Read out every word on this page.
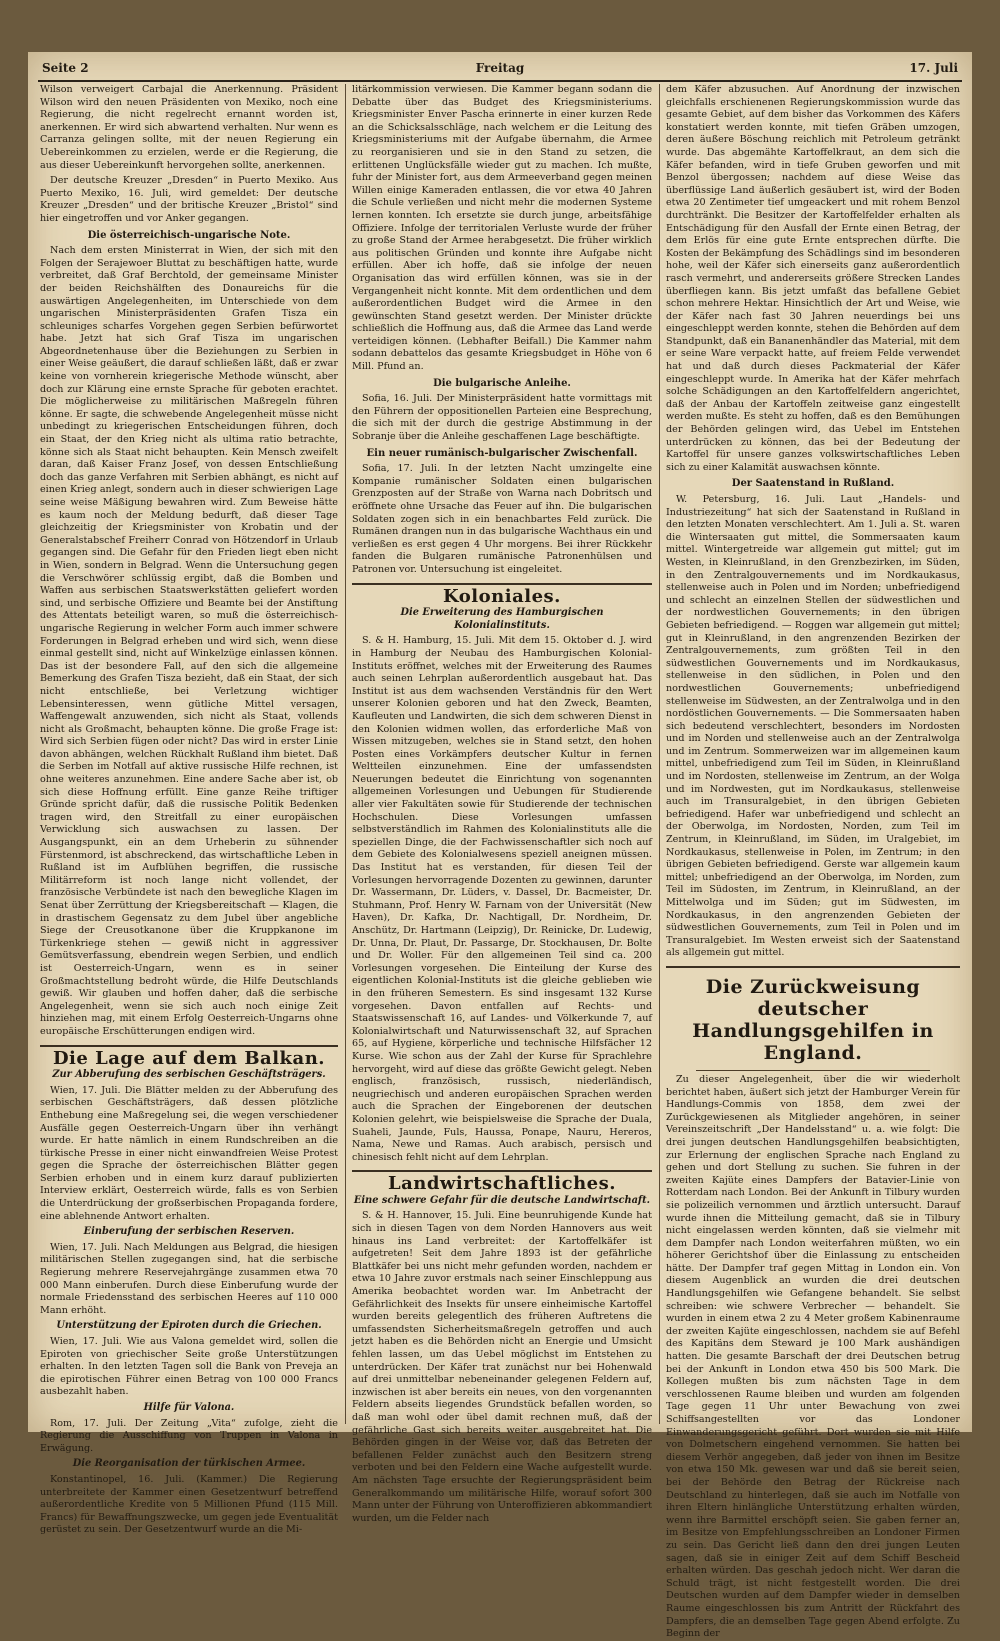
Seite 2	Freitag	17. Juli

Wilson verweigert Carbajal die Anerkennung. Präsident Wilson wird den neuen Präsidenten von Mexiko, noch eine Regierung, die nicht regelrecht ernannt worden ist, anerkennen. Er wird sich abwartend verhalten. Nur wenn es Carranza gelingen sollte, mit der neuen Regierung ein Uebereinkommen zu erzielen, werde er die Regierung, die aus dieser Uebereinkunft hervorgehen sollte, anerkennen.

Der deutsche Kreuzer „Dresden“ in Puerto Mexiko. Aus Puerto Mexiko, 16. Juli, wird gemeldet: Der deutsche Kreuzer „Dresden“ und der britische Kreuzer „Bristol“ sind hier eingetroffen und vor Anker gegangen.

Die österreichisch-ungarische Note.

Nach dem ersten Ministerrat in Wien, der sich mit den Folgen der Serajewoer Bluttat zu beschäftigen hatte, wurde verbreitet, daß Graf Berchtold, der gemeinsame Minister der beiden Reichshälften des Donaureichs für die auswärtigen Angelegenheiten, im Unterschiede von dem ungarischen Ministerpräsidenten Grafen Tisza ein schleuniges scharfes Vorgehen gegen Serbien befürwortet habe. Jetzt hat sich Graf Tisza im ungarischen Abgeordnetenhause über die Beziehungen zu Serbien in einer Weise geäußert, die darauf schließen läßt, daß er zwar keine von vornherein kriegerische Methode wünscht, aber doch zur Klärung eine ernste Sprache für geboten erachtet. Die möglicherweise zu militärischen Maßregeln führen könne. Er sagte, die schwebende Angelegenheit müsse nicht unbedingt zu kriegerischen Entscheidungen führen, doch ein Staat, der den Krieg nicht als ultima ratio betrachte, könne sich als Staat nicht behaupten. Kein Mensch zweifelt daran, daß Kaiser Franz Josef, von dessen Entschließung doch das ganze Verfahren mit Serbien abhängt, es nicht auf einen Krieg anlegt, sondern auch in dieser schwierigen Lage seine weise Mäßigung bewahren wird. Zum Beweise hätte es kaum noch der Meldung bedurft, daß dieser Tage gleichzeitig der Kriegsminister von Krobatin und der Generalstabschef Freiherr Conrad von Hötzendorf in Urlaub gegangen sind. Die Gefahr für den Frieden liegt eben nicht in Wien, sondern in Belgrad. Wenn die Untersuchung gegen die Verschwörer schlüssig ergibt, daß die Bomben und Waffen aus serbischen Staatswerkstätten geliefert worden sind, und serbische Offiziere und Beamte bei der Anstiftung des Attentats beteiligt waren, so muß die österreichisch-ungarische Regierung in welcher Form auch immer schwere Forderungen in Belgrad erheben und wird sich, wenn diese einmal gestellt sind, nicht auf Winkelzüge einlassen können. Das ist der besondere Fall, auf den sich die allgemeine Bemerkung des Grafen Tisza bezieht, daß ein Staat, der sich nicht entschließe, bei Verletzung wichtiger Lebensinteressen, wenn gütliche Mittel versagen, Waffengewalt anzuwenden, sich nicht als Staat, vollends nicht als Großmacht, behaupten könne. Die große Frage ist: Wird sich Serbien fügen oder nicht? Das wird in erster Linie davon abhängen, welchen Rückhalt Rußland ihm bietet. Daß die Serben im Notfall auf aktive russische Hilfe rechnen, ist ohne weiteres anzunehmen. Eine andere Sache aber ist, ob sich diese Hoffnung erfüllt. Eine ganze Reihe triftiger Gründe spricht dafür, daß die russische Politik Bedenken tragen wird, den Streitfall zu einer europäischen Verwicklung sich auswachsen zu lassen. Der Ausgangspunkt, ein an dem Urheberin zu sühnender Fürstenmord, ist abschreckend, das wirtschaftliche Leben in Rußland ist im Aufblühen begriffen, die russische Militärreform ist noch lange nicht vollendet, der französische Verbündete ist nach den bewegliche Klagen im Senat über Zerrüttung der Kriegsbereitschaft — Klagen, die in drastischem Gegensatz zu dem Jubel über angebliche Siege der Creusotkanone über die Kruppkanone im Türkenkriege stehen — gewiß nicht in aggressiver Gemütsverfassung, ebendrein wegen Serbien, und endlich ist Oesterreich-Ungarn, wenn es in seiner Großmachtstellung bedroht würde, die Hilfe Deutschlands gewiß. Wir glauben und hoffen daher, daß die serbische Angelegenheit, wenn sie sich auch noch einige Zeit hinziehen mag, mit einem Erfolg Oesterreich-Ungarns ohne europäische Erschütterungen endigen wird.

Die Lage auf dem Balkan.
Zur Abberufung des serbischen Geschäftsträgers.

Wien, 17. Juli. Die Blätter melden zu der Abberufung des serbischen Geschäftsträgers, daß dessen plötzliche Enthebung eine Maßregelung sei, die wegen verschiedener Ausfälle gegen Oesterreich-Ungarn über ihn verhängt wurde. Er hatte nämlich in einem Rundschreiben an die türkische Presse in einer nicht einwandfreien Weise Protest gegen die Sprache der österreichischen Blätter gegen Serbien erhoben und in einem kurz darauf publizierten Interview erklärt, Oesterreich würde, falls es von Serbien die Unterdrückung der großserbischen Propaganda fordere, eine ablehnende Antwort erhalten.

Einberufung der serbischen Reserven.

Wien, 17. Juli. Nach Meldungen aus Belgrad, die hiesigen militärischen Stellen zugegangen sind, hat die serbische Regierung mehrere Reservejahrgänge zusammen etwa 70 000 Mann einberufen. Durch diese Einberufung wurde der normale Friedensstand des serbischen Heeres auf 110 000 Mann erhöht.

Unterstützung der Epiroten durch die Griechen.

Wien, 17. Juli. Wie aus Valona gemeldet wird, sollen die Epiroten von griechischer Seite große Unterstützungen erhalten. In den letzten Tagen soll die Bank von Preveja an die epirotischen Führer einen Betrag von 100 000 Francs ausbezahlt haben.

Hilfe für Valona.

Rom, 17. Juli. Der Zeitung „Vita“ zufolge, zieht die Regierung die Ausschiffung von Truppen in Valona in Erwägung.

Die Reorganisation der türkischen Armee.

Konstantinopel, 16. Juli. (Kammer.) Die Regierung unterbreitete der Kammer einen Gesetzentwurf betreffend außerordentliche Kredite von 5 Millionen Pfund (115 Mill. Francs) für Bewaffnungszwecke, um gegen jede Eventualität gerüstet zu sein. Der Gesetzentwurf wurde an die Mi-

litärkommission verwiesen. Die Kammer begann sodann die Debatte über das Budget des Kriegsministeriums. Kriegsminister Enver Pascha erinnerte in einer kurzen Rede an die Schicksalsschläge, nach welchem er die Leitung des Kriegsministeriums mit der Aufgabe übernahm, die Armee zu reorganisieren und sie in den Stand zu setzen, die erlittenen Unglücksfälle wieder gut zu machen. Ich mußte, fuhr der Minister fort, aus dem Armeeverband gegen meinen Willen einige Kameraden entlassen, die vor etwa 40 Jahren die Schule verließen und nicht mehr die modernen Systeme lernen konnten. Ich ersetzte sie durch junge, arbeitsfähige Offiziere. Infolge der territorialen Verluste wurde der früher zu große Stand der Armee herabgesetzt. Die früher wirklich aus politischen Gründen und konnte ihre Aufgabe nicht erfüllen. Aber ich hoffe, daß sie infolge der neuen Organisation das wird erfüllen können, was sie in der Vergangenheit nicht konnte. Mit dem ordentlichen und dem außerordentlichen Budget wird die Armee in den gewünschten Stand gesetzt werden. Der Minister drückte schließlich die Hoffnung aus, daß die Armee das Land werde verteidigen können. (Lebhafter Beifall.) Die Kammer nahm sodann debattelos das gesamte Kriegsbudget in Höhe von 6 Mill. Pfund an.

Die bulgarische Anleihe.

Sofia, 16. Juli. Der Ministerpräsident hatte vormittags mit den Führern der oppositionellen Parteien eine Besprechung, die sich mit der durch die gestrige Abstimmung in der Sobranje über die Anleihe geschaffenen Lage beschäftigte.

Ein neuer rumänisch-bulgarischer Zwischenfall.

Sofia, 17. Juli. In der letzten Nacht umzingelte eine Kompanie rumänischer Soldaten einen bulgarischen Grenzposten auf der Straße von Warna nach Dobritsch und eröffnete ohne Ursache das Feuer auf ihn. Die bulgarischen Soldaten zogen sich in ein benachbartes Feld zurück. Die Rumänen drangen nun in das bulgarische Wachthaus ein und verließen es erst gegen 4 Uhr morgens. Bei ihrer Rückkehr fanden die Bulgaren rumänische Patronenhülsen und Patronen vor. Untersuchung ist eingeleitet.

Koloniales.
Die Erweiterung des Hamburgischen Kolonialinstituts.

S. & H. Hamburg, 15. Juli. Mit dem 15. Oktober d. J. wird in Hamburg der Neubau des Hamburgischen Kolonial-Instituts eröffnet, welches mit der Erweiterung des Raumes auch seinen Lehrplan außerordentlich ausgebaut hat. Das Institut ist aus dem wachsenden Verständnis für den Wert unserer Kolonien geboren und hat den Zweck, Beamten, Kaufleuten und Landwirten, die sich dem schweren Dienst in den Kolonien widmen wollen, das erforderliche Maß von Wissen mitzugeben, welches sie in Stand setzt, den hohen Posten eines Vorkämpfers deutscher Kultur in fernen Weltteilen einzunehmen. Eine der umfassendsten Neuerungen bedeutet die Einrichtung von sogenannten allgemeinen Vorlesungen und Uebungen für Studierende aller vier Fakultäten sowie für Studierende der technischen Hochschulen. Diese Vorlesungen umfassen selbstverständlich im Rahmen des Kolonialinstituts alle die speziellen Dinge, die der Fachwissenschaftler sich noch auf dem Gebiete des Kolonialwesens speziell aneignen müssen. Das Institut hat es verstanden, für diesen Teil der Vorlesungen hervorragende Dozenten zu gewinnen, darunter Dr. Wassermann, Dr. Lüders, v. Dassel, Dr. Bacmeister, Dr. Stuhmann, Prof. Henry W. Farnam von der Universität (New Haven), Dr. Kafka, Dr. Nachtigall, Dr. Nordheim, Dr. Anschütz, Dr. Hartmann (Leipzig), Dr. Reinicke, Dr. Ludewig, Dr. Unna, Dr. Plaut, Dr. Passarge, Dr. Stockhausen, Dr. Bolte und Dr. Woller. Für den allgemeinen Teil sind ca. 200 Vorlesungen vorgesehen. Die Einteilung der Kurse des eigentlichen Kolonial-Instituts ist die gleiche geblieben wie in den früheren Semestern. Es sind insgesamt 132 Kurse vorgesehen. Davon entfallen auf Rechts- und Staatswissenschaft 16, auf Landes- und Völkerkunde 7, auf Kolonialwirtschaft und Naturwissenschaft 32, auf Sprachen 65, auf Hygiene, körperliche und technische Hilfsfächer 12 Kurse. Wie schon aus der Zahl der Kurse für Sprachlehre hervorgeht, wird auf diese das größte Gewicht gelegt. Neben englisch, französisch, russisch, niederländisch, neugriechisch und anderen europäischen Sprachen werden auch die Sprachen der Eingeborenen der deutschen Kolonien gelehrt, wie beispielsweise die Sprache der Duala, Suaheli, Jaunde, Fuls, Haussa, Ponape, Nauru, Hereros, Nama, Newe und Ramas. Auch arabisch, persisch und chinesisch fehlt nicht auf dem Lehrplan.

Landwirtschaftliches.
Eine schwere Gefahr für die deutsche Landwirtschaft.

S. & H. Hannover, 15. Juli. Eine beunruhigende Kunde hat sich in diesen Tagen von dem Norden Hannovers aus weit hinaus ins Land verbreitet: der Kartoffelkäfer ist aufgetreten! Seit dem Jahre 1893 ist der gefährliche Blattkäfer bei uns nicht mehr gefunden worden, nachdem er etwa 10 Jahre zuvor erstmals nach seiner Einschleppung aus Amerika beobachtet worden war. Im Anbetracht der Gefährlichkeit des Insekts für unsere einheimische Kartoffel wurden bereits gelegentlich des früheren Auftretens die umfassendsten Sicherheitsmaßregeln getroffen und auch jetzt haben es die Behörden nicht an Energie und Umsicht fehlen lassen, um das Uebel möglichst im Entstehen zu unterdrücken. Der Käfer trat zunächst nur bei Hohenwald auf drei unmittelbar nebeneinander gelegenen Feldern auf, inzwischen ist aber bereits ein neues, von den vorgenannten Feldern abseits liegendes Grundstück befallen worden, so daß man wohl oder übel damit rechnen muß, daß der gefährliche Gast sich bereits weiter ausgebreitet hat. Die Behörden gingen in der Weise vor, daß das Betreten der befallenen Felder zunächst auch den Besitzern streng verboten und bei den Feldern eine Wache aufgestellt wurde. Am nächsten Tage ersuchte der Regierungspräsident beim Generalkommando um militärische Hilfe, worauf sofort 300 Mann unter der Führung von Unteroffizieren abkommandiert wurden, um die Felder nach

dem Käfer abzusuchen. Auf Anordnung der inzwischen gleichfalls erschienenen Regierungskommission wurde das gesamte Gebiet, auf dem bisher das Vorkommen des Käfers konstatiert werden konnte, mit tiefen Gräben umzogen, deren äußere Böschung reichlich mit Petroleum getränkt wurde. Das abgemähte Kartoffelkraut, an dem sich die Käfer befanden, wird in tiefe Gruben geworfen und mit Benzol übergossen; nachdem auf diese Weise das überflüssige Land äußerlich gesäubert ist, wird der Boden etwa 20 Zentimeter tief umgeackert und mit rohem Benzol durchtränkt. Die Besitzer der Kartoffelfelder erhalten als Entschädigung für den Ausfall der Ernte einen Betrag, der dem Erlös für eine gute Ernte entsprechen dürfte. Die Kosten der Bekämpfung des Schädlings sind im besonderen hohe, weil der Käfer sich einerseits ganz außerordentlich rasch vermehrt, und andererseits größere Strecken Landes überfliegen kann. Bis jetzt umfaßt das befallene Gebiet schon mehrere Hektar. Hinsichtlich der Art und Weise, wie der Käfer nach fast 30 Jahren neuerdings bei uns eingeschleppt werden konnte, stehen die Behörden auf dem Standpunkt, daß ein Bananenhändler das Material, mit dem er seine Ware verpackt hatte, auf freiem Felde verwendet hat und daß durch dieses Packmaterial der Käfer eingeschleppt wurde. In Amerika hat der Käfer mehrfach solche Schädigungen an den Kartoffelfeldern angerichtet, daß der Anbau der Kartoffeln zeitweise ganz eingestellt werden mußte. Es steht zu hoffen, daß es den Bemühungen der Behörden gelingen wird, das Uebel im Entstehen unterdrücken zu können, das bei der Bedeutung der Kartoffel für unsere ganzes volkswirtschaftliches Leben sich zu einer Kalamität auswachsen könnte.

Der Saatenstand in Rußland.

W. Petersburg, 16. Juli. Laut „Handels- und Industriezeitung“ hat sich der Saatenstand in Rußland in den letzten Monaten verschlechtert. Am 1. Juli a. St. waren die Wintersaaten gut mittel, die Sommersaaten kaum mittel. Wintergetreide war allgemein gut mittel; gut im Westen, in Kleinrußland, in den Grenzbezirken, im Süden, in den Zentralgouvernements und im Nordkaukasus, stellenweise auch in Polen und im Norden; unbefriedigend und schlecht an einzelnen Stellen der südwestlichen und der nordwestlichen Gouvernements; in den übrigen Gebieten befriedigend. — Roggen war allgemein gut mittel; gut in Kleinrußland, in den angrenzenden Bezirken der Zentralgouvernements, zum größten Teil in den südwestlichen Gouvernements und im Nordkaukasus, stellenweise in den südlichen, in Polen und den nordwestlichen Gouvernements; unbefriedigend stellenweise im Südwesten, an der Zentralwolga und in den nordöstlichen Gouvernements. — Die Sommersaaten haben sich bedeutend verschlechtert, besonders im Nordosten und im Norden und stellenweise auch an der Zentralwolga und im Zentrum. Sommerweizen war im allgemeinen kaum mittel, unbefriedigend zum Teil im Süden, in Kleinrußland und im Nordosten, stellenweise im Zentrum, an der Wolga und im Nordwesten, gut im Nordkaukasus, stellenweise auch im Transuralgebiet, in den übrigen Gebieten befriedigend. Hafer war unbefriedigend und schlecht an der Oberwolga, im Nordosten, Norden, zum Teil im Zentrum, in Kleinrußland, im Süden, im Uralgebiet, im Nordkaukasus, stellenweise in Polen, im Zentrum; in den übrigen Gebieten befriedigend. Gerste war allgemein kaum mittel; unbefriedigend an der Oberwolga, im Norden, zum Teil im Südosten, im Zentrum, in Kleinrußland, an der Mittelwolga und im Süden; gut im Südwesten, im Nordkaukasus, in den angrenzenden Gebieten der südwestlichen Gouvernements, zum Teil in Polen und im Transuralgebiet. Im Westen erweist sich der Saatenstand als allgemein gut mittel.

Die Zurückweisung deutscher Handlungsgehilfen in England.

Zu dieser Angelegenheit, über die wir wiederholt berichtet haben, äußert sich jetzt der Hamburger Verein für Handlungs-Commis von 1858, dem zwei der Zurückgewiesenen als Mitglieder angehören, in seiner Vereinszeitschrift „Der Handelsstand“ u. a. wie folgt: Die drei jungen deutschen Handlungsgehilfen beabsichtigten, zur Erlernung der englischen Sprache nach England zu gehen und dort Stellung zu suchen. Sie fuhren in der zweiten Kajüte eines Dampfers der Batavier-Linie von Rotterdam nach London. Bei der Ankunft in Tilbury wurden sie polizeilich vernommen und ärztlich untersucht. Darauf wurde ihnen die Mitteilung gemacht, daß sie in Tilbury nicht eingelassen werden könnten, daß sie vielmehr mit dem Dampfer nach London weiterfahren müßten, wo ein höherer Gerichtshof über die Einlassung zu entscheiden hätte. Der Dampfer traf gegen Mittag in London ein. Von diesem Augenblick an wurden die drei deutschen Handlungsgehilfen wie Gefangene behandelt. Sie selbst schreiben: wie schwere Verbrecher — behandelt. Sie wurden in einem etwa 2 zu 4 Meter großem Kabinenraume der zweiten Kajüte eingeschlossen, nachdem sie auf Befehl des Kapitäns dem Steward je 100 Mark aushändigen hatten. Die gesamte Barschaft der drei Deutschen betrug bei der Ankunft in London etwa 450 bis 500 Mark. Die Kollegen mußten bis zum nächsten Tage in dem verschlossenen Raume bleiben und wurden am folgenden Tage gegen 11 Uhr unter Bewachung von zwei Schiffsangestellten vor das Londoner Einwanderungsgericht geführt. Dort wurden sie mit Hilfe von Dolmetschern eingehend vernommen. Sie hatten bei diesem Verhör angegeben, daß jeder von ihnen im Besitze von etwa 150 Mk. gewesen war und daß sie bereit seien, bei der Behörde den Betrag der Rückreise nach Deutschland zu hinterlegen, daß sie auch im Notfalle von ihren Eltern hinlängliche Unterstützung erhalten würden, wenn ihre Barmittel erschöpft seien. Sie gaben ferner an, im Besitze von Empfehlungsschreiben an Londoner Firmen zu sein. Das Gericht ließ dann den drei jungen Leuten sagen, daß sie in einiger Zeit auf dem Schiff Bescheid erhalten würden. Das geschah jedoch nicht. Wer daran die Schuld trägt, ist nicht festgestellt worden. Die drei Deutschen wurden auf dem Dampfer wieder in demselben Raume eingeschlossen bis zum Antritt der Rückfahrt des Dampfers, die an demselben Tage gegen Abend erfolgte. Zu Beginn der
